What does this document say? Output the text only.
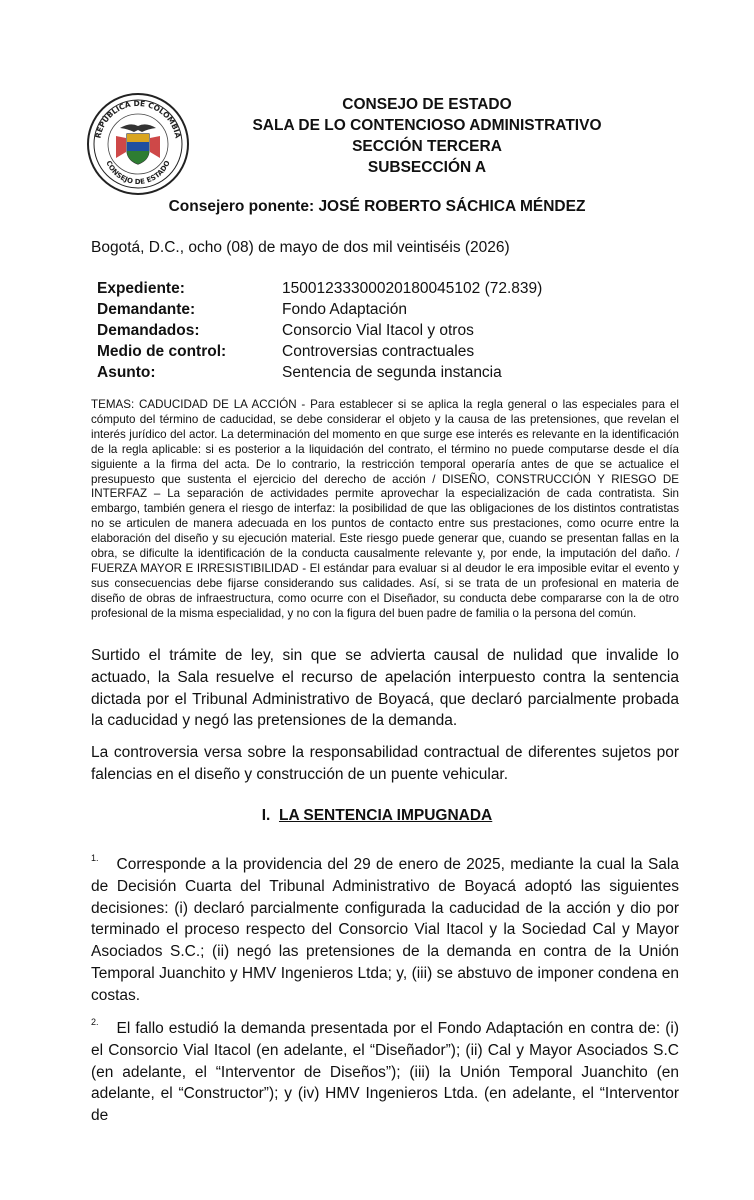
REPÚBLICA DE COLOMBIA
CONSEJO DE ESTADO
CONSEJO DE ESTADO
SALA DE LO CONTENCIOSO ADMINISTRATIVO
SECCIÓN TERCERA
SUBSECCIÓN A
Consejero ponente: JOSÉ ROBERTO SÁCHICA MÉNDEZ
Bogotá, D.C., ocho (08) de mayo de dos mil veintiséis (2026)
Expediente:	15001233300020180045102 (72.839)
Demandante:	Fondo Adaptación
Demandados:	Consorcio Vial Itacol y otros
Medio de control:	Controversias contractuales
Asunto:	Sentencia de segunda instancia
TEMAS: CADUCIDAD DE LA ACCIÓN - Para establecer si se aplica la regla general o las especiales para el cómputo del término de caducidad, se debe considerar el objeto y la causa de las pretensiones, que revelan el interés jurídico del actor. La determinación del momento en que surge ese interés es relevante en la identificación de la regla aplicable: si es posterior a la liquidación del contrato, el término no puede computarse desde el día siguiente a la firma del acta. De lo contrario, la restricción temporal operaría antes de que se actualice el presupuesto que sustenta el ejercicio del derecho de acción / DISEÑO, CONSTRUCCIÓN Y RIESGO DE INTERFAZ – La separación de actividades permite aprovechar la especialización de cada contratista. Sin embargo, también genera el riesgo de interfaz: la posibilidad de que las obligaciones de los distintos contratistas no se articulen de manera adecuada en los puntos de contacto entre sus prestaciones, como ocurre entre la elaboración del diseño y su ejecución material. Este riesgo puede generar que, cuando se presentan fallas en la obra, se dificulte la identificación de la conducta causalmente relevante y, por ende, la imputación del daño. / FUERZA MAYOR E IRRESISTIBILIDAD - El estándar para evaluar si al deudor le era imposible evitar el evento y sus consecuencias debe fijarse considerando sus calidades. Así, si se trata de un profesional en materia de diseño de obras de infraestructura, como ocurre con el Diseñador, su conducta debe compararse con la de otro profesional de la misma especialidad, y no con la figura del buen padre de familia o la persona del común.
Surtido el trámite de ley, sin que se advierta causal de nulidad que invalide lo actuado, la Sala resuelve el recurso de apelación interpuesto contra la sentencia dictada por el Tribunal Administrativo de Boyacá, que declaró parcialmente probada la caducidad y negó las pretensiones de la demanda.
La controversia versa sobre la responsabilidad contractual de diferentes sujetos por falencias en el diseño y construcción de un puente vehicular.
I. LA SENTENCIA IMPUGNADA
$^{1.}$ Corresponde a la providencia del 29 de enero de 2025, mediante la cual la Sala de Decisión Cuarta del Tribunal Administrativo de Boyacá adoptó las siguientes decisiones: (i) declaró parcialmente configurada la caducidad de la acción y dio por terminado el proceso respecto del Consorcio Vial Itacol y la Sociedad Cal y Mayor Asociados S.C.; (ii) negó las pretensiones de la demanda en contra de la Unión Temporal Juanchito y HMV Ingenieros Ltda; y, (iii) se abstuvo de imponer condena en costas.
$^{2.}$ El fallo estudió la demanda presentada por el Fondo Adaptación en contra de: (i) el Consorcio Vial Itacol (en adelante, el “Diseñador”); (ii) Cal y Mayor Asociados S.C (en adelante, el “Interventor de Diseños”); (iii) la Unión Temporal Juanchito (en adelante, el “Constructor”); y (iv) HMV Ingenieros Ltda. (en adelante, el “Interventor de
